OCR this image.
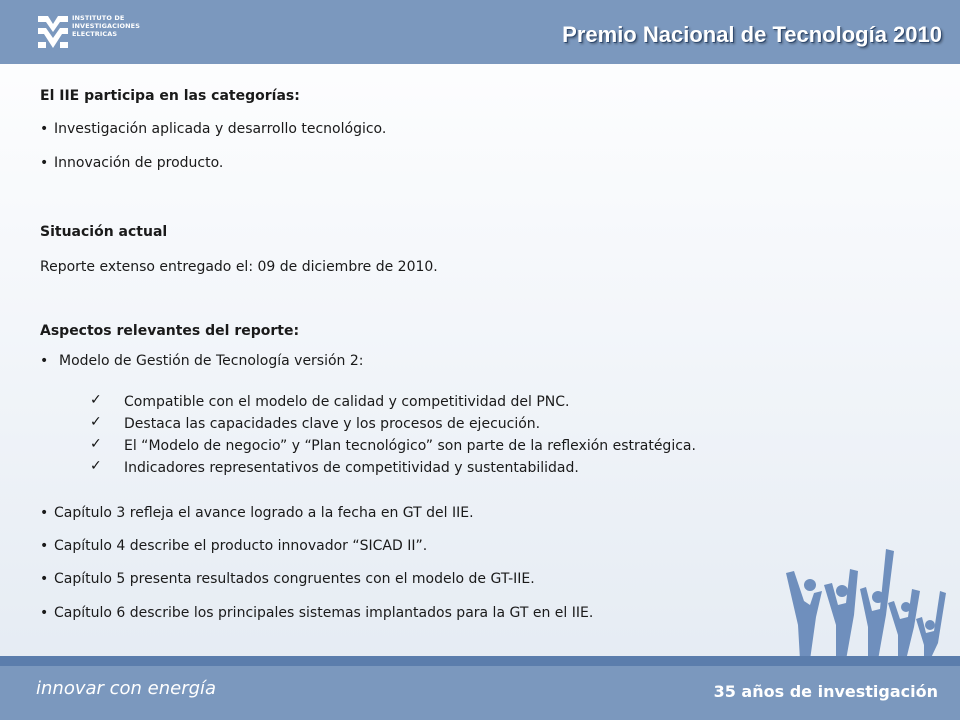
INSTITUTO DE
INVESTIGACIONES
ELECTRICAS	Premio Nacional de Tecnología 2010
El IIE participa en las categorías:
• Investigación aplicada y desarrollo tecnológico.
• Innovación de producto.
Situación actual
Reporte extenso entregado el: 09 de diciembre de 2010.
Aspectos relevantes del reporte:
• Modelo de Gestión de Tecnología versión 2:
✓ Compatible con el modelo de calidad y competitividad del PNC.
✓ Destaca las capacidades clave y los procesos de ejecución.
✓ El “Modelo de negocio” y “Plan tecnológico” son parte de la reflexión estratégica.
✓ Indicadores representativos de competitividad y sustentabilidad.
• Capítulo 3 refleja el avance logrado a la fecha en GT del IIE.
• Capítulo 4 describe el producto innovador “SICAD II”.
• Capítulo 5 presenta resultados congruentes con el modelo de GT-IIE.
• Capítulo 6 describe los principales sistemas implantados para la GT en el IIE.
innovar con energía	35 años de investigación
